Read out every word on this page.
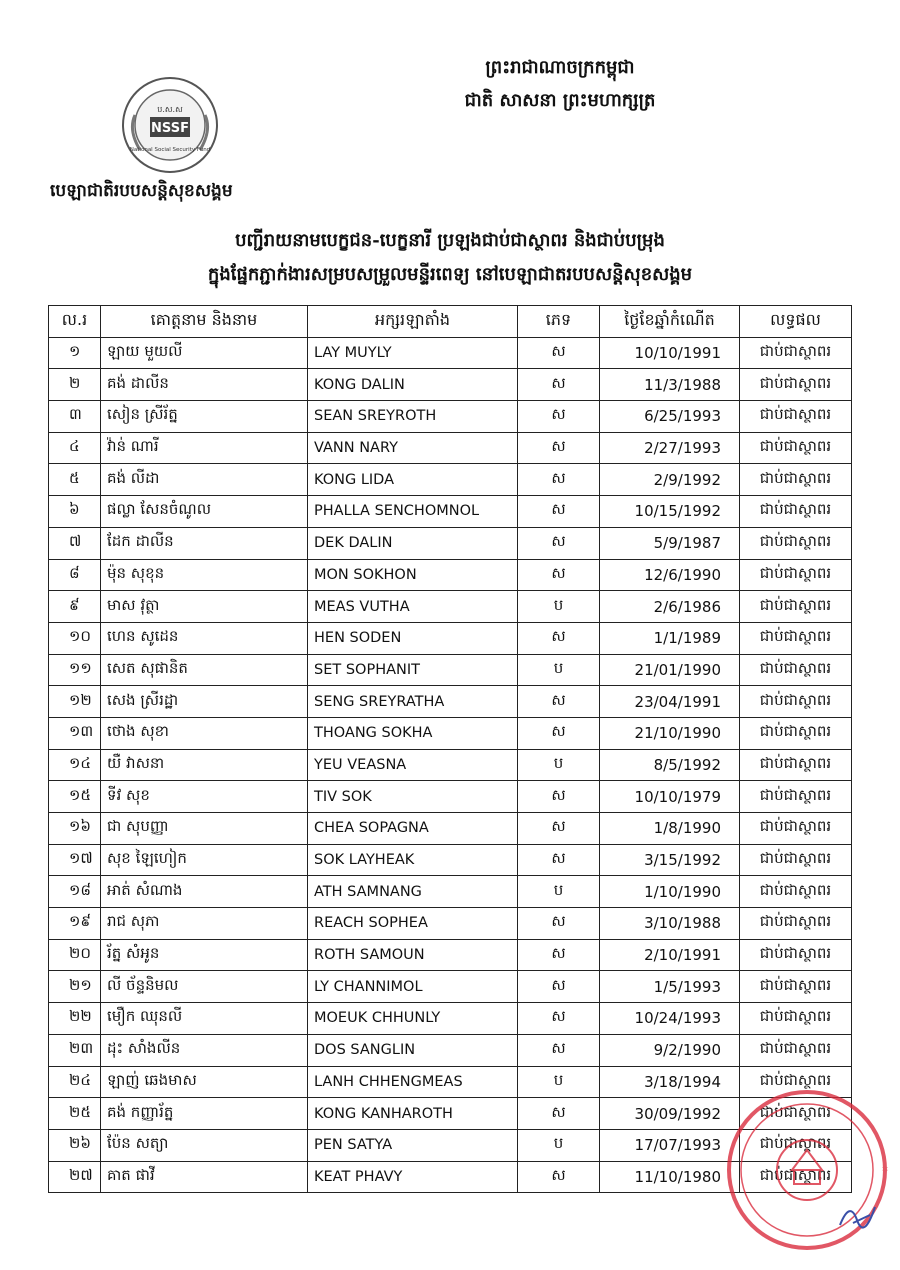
NSSF
ប.ស.ស
National Social Security Fund
ព្រះរាជាណាចក្រកម្ពុជា
ជាតិ សាសនា ព្រះមហាក្សត្រ
បេឡាជាតិរបបសន្តិសុខសង្គម
បញ្ជីរាយនាមបេក្ខជន-បេក្ខនារី ប្រឡងជាប់ជាស្ថាពរ និងជាប់បម្រុង
ក្នុងផ្នែកភ្ជាក់ងារសម្របសម្រួលមន្ទីរពេទ្យ នៅបេឡាជាតរបបសន្តិសុខសង្គម
ល.រ	គោត្តនាម និងនាម	អក្សរឡាតាំង	ភេទ	ថ្ងៃខែឆ្នាំកំណើត	លទ្ធផល
១	ឡាយ មួយលី	LAY MUYLY	ស	10/10/1991	ជាប់ជាស្ថាពរ
២	គង់ ដាលីន	KONG DALIN	ស	11/3/1988	ជាប់ជាស្ថាពរ
៣	សៀន ស្រីរ័ត្ន	SEAN SREYROTH	ស	6/25/1993	ជាប់ជាស្ថាពរ
៤	វ៉ាន់ ណារី	VANN NARY	ស	2/27/1993	ជាប់ជាស្ថាពរ
៥	គង់ លីដា	KONG LIDA	ស	2/9/1992	ជាប់ជាស្ថាពរ
៦	ផល្លា សែនចំណូល	PHALLA SENCHOMNOL	ស	10/15/1992	ជាប់ជាស្ថាពរ
៧	ដែក ដាលីន	DEK DALIN	ស	5/9/1987	ជាប់ជាស្ថាពរ
៨	ម៉ុន សុខុន	MON SOKHON	ស	12/6/1990	ជាប់ជាស្ថាពរ
៩	មាស វុត្ថា	MEAS VUTHA	ប	2/6/1986	ជាប់ជាស្ថាពរ
១០	ហេន សូដេន	HEN SODEN	ស	1/1/1989	ជាប់ជាស្ថាពរ
១១	សេត សុផានិត	SET SOPHANIT	ប	21/01/1990	ជាប់ជាស្ថាពរ
១២	សេង ស្រីរដ្ឋា	SENG SREYRATHA	ស	23/04/1991	ជាប់ជាស្ថាពរ
១៣	ថោង សុខា	THOANG SOKHA	ស	21/10/1990	ជាប់ជាស្ថាពរ
១៤	យឺ វាសនា	YEU VEASNA	ប	8/5/1992	ជាប់ជាស្ថាពរ
១៥	ទីវ សុខ	TIV SOK	ស	10/10/1979	ជាប់ជាស្ថាពរ
១៦	ជា សុបញ្ញា	CHEA SOPAGNA	ស	1/8/1990	ជាប់ជាស្ថាពរ
១៧	សុខ ឡៃហៀក	SOK LAYHEAK	ស	3/15/1992	ជាប់ជាស្ថាពរ
១៨	អាត់ សំណាង	ATH SAMNANG	ប	1/10/1990	ជាប់ជាស្ថាពរ
១៩	រាជ សុភា	REACH SOPHEA	ស	3/10/1988	ជាប់ជាស្ថាពរ
២០	រ័ត្ន សំអូន	ROTH SAMOUN	ស	2/10/1991	ជាប់ជាស្ថាពរ
២១	លី ច័ន្ទនិមល	LY CHANNIMOL	ស	1/5/1993	ជាប់ជាស្ថាពរ
២២	មឿក ឈុនលី	MOEUK CHHUNLY	ស	10/24/1993	ជាប់ជាស្ថាពរ
២៣	ដុះ សាំងលីន	DOS SANGLIN	ស	9/2/1990	ជាប់ជាស្ថាពរ
២៤	ឡាញ់ ឆេងមាស	LANH CHHENGMEAS	ប	3/18/1994	ជាប់ជាស្ថាពរ
២៥	គង់ កញ្ញារ័ត្ន	KONG KANHAROTH	ស	30/09/1992	ជាប់ជាស្ថាពរ
២៦	ប៉ែន សត្យា	PEN SATYA	ប	17/07/1993	ជាប់ជាស្ថាពរ
២៧	គាត ផាវី	KEAT PHAVY	ស	11/10/1980	ជាប់ជាស្ថាពរ	*
